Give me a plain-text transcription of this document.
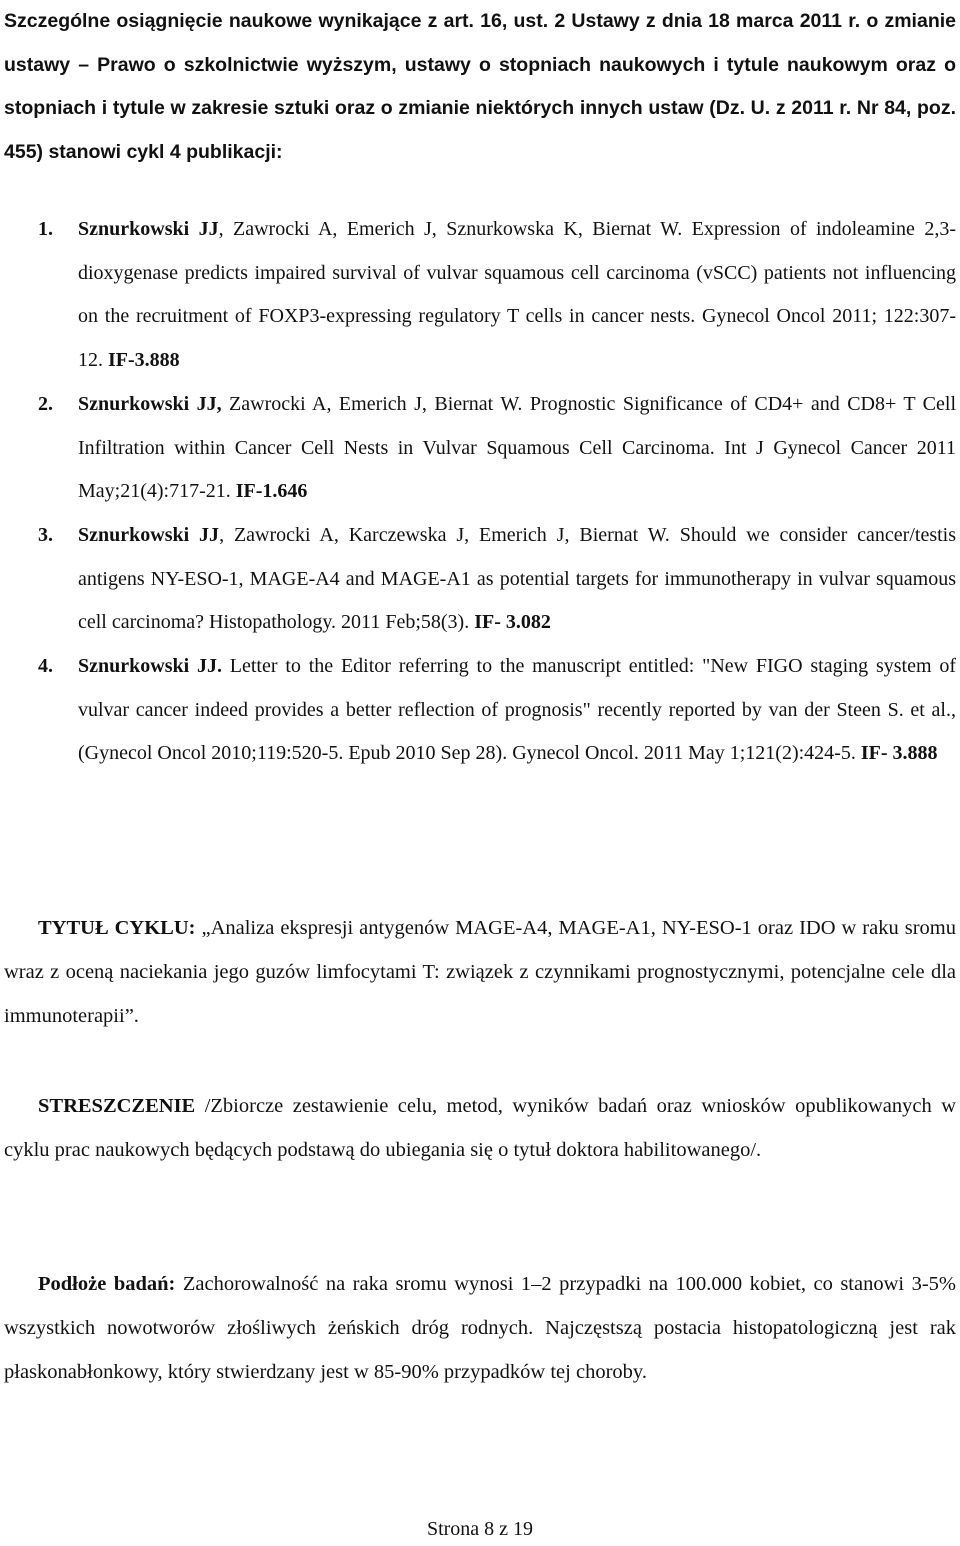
Szczególne osiągnięcie naukowe wynikające z art. 16, ust. 2 Ustawy z dnia 18 marca 2011 r. o zmianie ustawy – Prawo o szkolnictwie wyższym, ustawy o stopniach naukowych i tytule naukowym oraz o stopniach i tytule w zakresie sztuki oraz o zmianie niektórych innych ustaw (Dz. U. z 2011 r. Nr 84, poz. 455) stanowi cykl 4 publikacji:
1. Sznurkowski JJ, Zawrocki A, Emerich J, Sznurkowska K, Biernat W. Expression of indoleamine 2,3-dioxygenase predicts impaired survival of vulvar squamous cell carcinoma (vSCC) patients not influencing on the recruitment of FOXP3-expressing regulatory T cells in cancer nests. Gynecol Oncol 2011; 122:307-12. IF-3.888
2. Sznurkowski JJ, Zawrocki A, Emerich J, Biernat W. Prognostic Significance of CD4+ and CD8+ T Cell Infiltration within Cancer Cell Nests in Vulvar Squamous Cell Carcinoma. Int J Gynecol Cancer 2011 May;21(4):717-21. IF-1.646
3. Sznurkowski JJ, Zawrocki A, Karczewska J, Emerich J, Biernat W. Should we consider cancer/testis antigens NY-ESO-1, MAGE-A4 and MAGE-A1 as potential targets for immunotherapy in vulvar squamous cell carcinoma? Histopathology. 2011 Feb;58(3). IF- 3.082
4. Sznurkowski JJ. Letter to the Editor referring to the manuscript entitled: "New FIGO staging system of vulvar cancer indeed provides a better reflection of prognosis" recently reported by van der Steen S. et al., (Gynecol Oncol 2010;119:520-5. Epub 2010 Sep 28). Gynecol Oncol. 2011 May 1;121(2):424-5. IF- 3.888

TYTUŁ CYKLU: „Analiza ekspresji antygenów MAGE-A4, MAGE-A1, NY-ESO-1 oraz IDO w raku sromu wraz z oceną naciekania jego guzów limfocytami T: związek z czynnikami prognostycznymi, potencjalne cele dla immunoterapii”.

STRESZCZENIE /Zbiorcze zestawienie celu, metod, wyników badań oraz wniosków opublikowanych w cyklu prac naukowych będących podstawą do ubiegania się o tytuł doktora habilitowanego/.

Podłoże badań: Zachorowalność na raka sromu wynosi 1–2 przypadki na 100.000 kobiet, co stanowi 3-5% wszystkich nowotworów złośliwych żeńskich dróg rodnych. Najczęstszą postacia histopatologiczną jest rak płaskonabłonkowy, który stwierdzany jest w 85-90% przypadków tej choroby.

Strona 8 z 19
